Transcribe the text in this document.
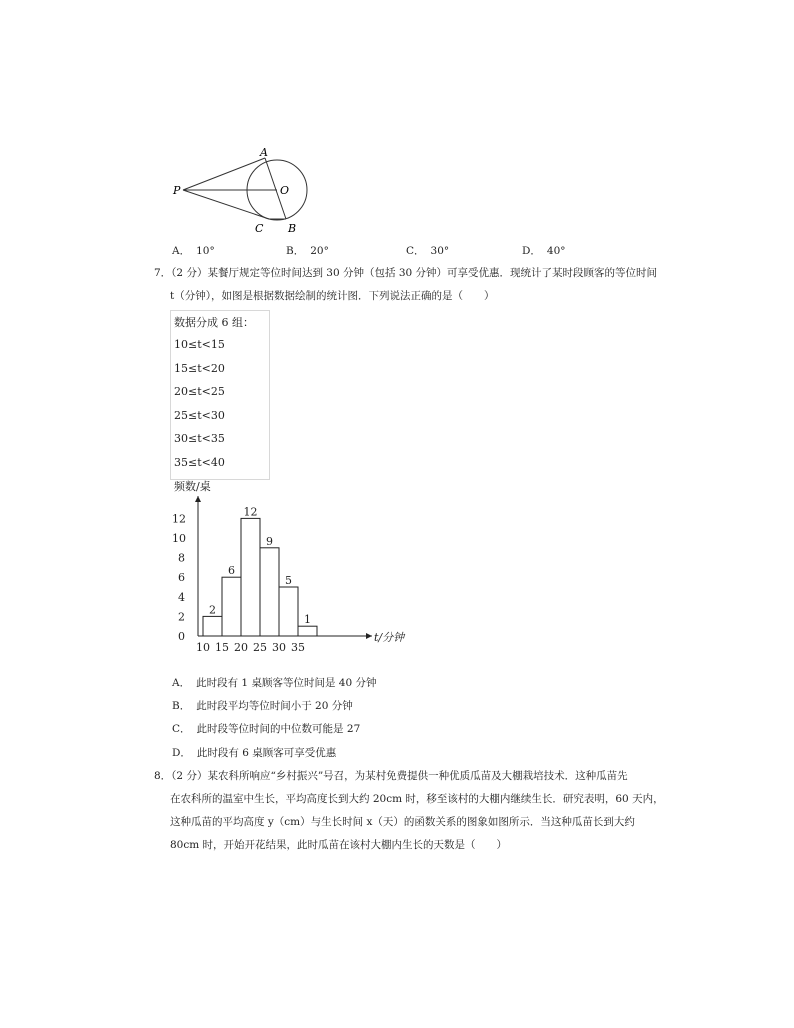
A
O
P
C B
A． 10°	B． 20°	C． 30°	D． 40°
7．（2 分）某餐厅规定等位时间达到 30 分钟（包括 30 分钟）可享受优惠．现统计了某时段顾客的等位时间
t（分钟），如图是根据数据绘制的统计图．下列说法正确的是（　　）
数据分成 6 组：
10≤t<15
15≤t<20
20≤t<25
25≤t<30
30≤t<35
35≤t<40
频数/桌
t/分钟
0
2
4
6
8
10
12
2
6
12
9
5
1
10 15 20 25 30 35
A． 此时段有 1 桌顾客等位时间是 40 分钟
B． 此时段平均等位时间小于 20 分钟
C． 此时段等位时间的中位数可能是 27
D． 此时段有 6 桌顾客可享受优惠
8．（2 分）某农科所响应“乡村振兴”号召，为某村免费提供一种优质瓜苗及大棚栽培技术．这种瓜苗先
在农科所的温室中生长，平均高度长到大约 20cm 时，移至该村的大棚内继续生长．研究表明，60 天内，
这种瓜苗的平均高度 y（cm）与生长时间 x（天）的函数关系的图象如图所示．当这种瓜苗长到大约
80cm 时，开始开花结果，此时瓜苗在该村大棚内生长的天数是（　　）
